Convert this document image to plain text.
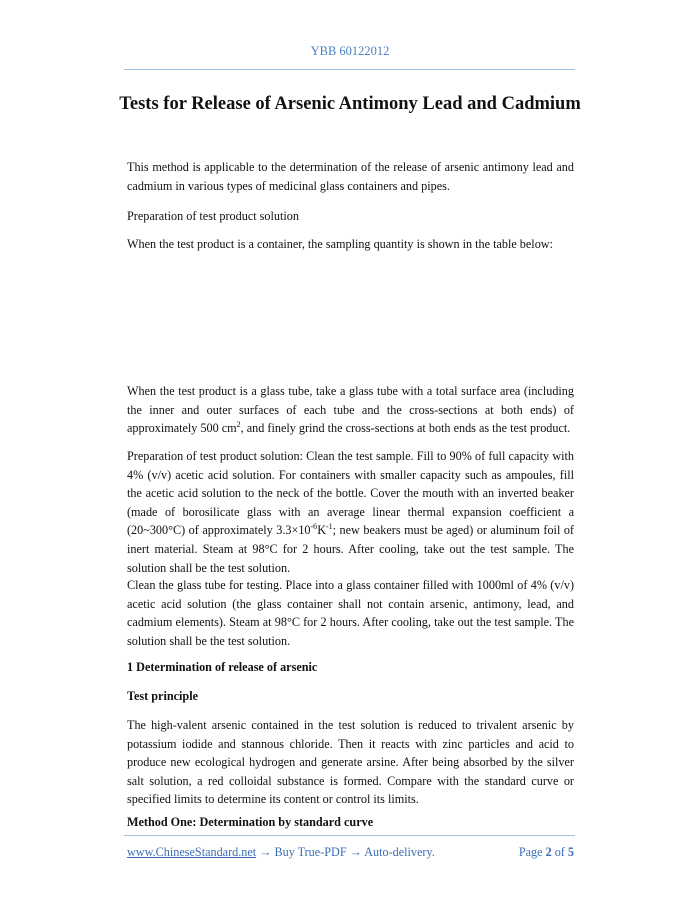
YBB 60122012
Tests for Release of Arsenic Antimony Lead and Cadmium

This method is applicable to the determination of the release of arsenic antimony lead and cadmium in various types of medicinal glass containers and pipes.

Preparation of test product solution

When the test product is a container, the sampling quantity is shown in the table below:

When the test product is a glass tube, take a glass tube with a total surface area (including the inner and outer surfaces of each tube and the cross-sections at both ends) of approximately 500 $cm^2$, and finely grind the cross-sections at both ends as the test product.

Preparation of test product solution: Clean the test sample. Fill to 90% of full capacity with 4% (v/v) acetic acid solution. For containers with smaller capacity such as ampoules, fill the acetic acid solution to the neck of the bottle. Cover the mouth with an inverted beaker (made of borosilicate glass with an average linear thermal expansion coefficient a (20~300°C) of approximately $3.3\times 10^{-6}K^{-1}$; new beakers must be aged) or aluminum foil of inert material. Steam at 98°C for 2 hours. After cooling, take out the test sample. The solution shall be the test solution.

Clean the glass tube for testing. Place into a glass container filled with 1000ml of 4% (v/v) acetic acid solution (the glass container shall not contain arsenic, antimony, lead, and cadmium elements). Steam at 98°C for 2 hours. After cooling, take out the test sample. The solution shall be the test solution.

1 Determination of release of arsenic

Test principle

The high-valent arsenic contained in the test solution is reduced to trivalent arsenic by potassium iodide and stannous chloride. Then it reacts with zinc particles and acid to produce new ecological hydrogen and generate arsine. After being absorbed by the silver salt solution, a red colloidal substance is formed. Compare with the standard curve or specified limits to determine its content or control its limits.

Method One: Determination by standard curve

www.ChineseStandard.net → Buy True-PDF → Auto-delivery.	Page 2 of 5
